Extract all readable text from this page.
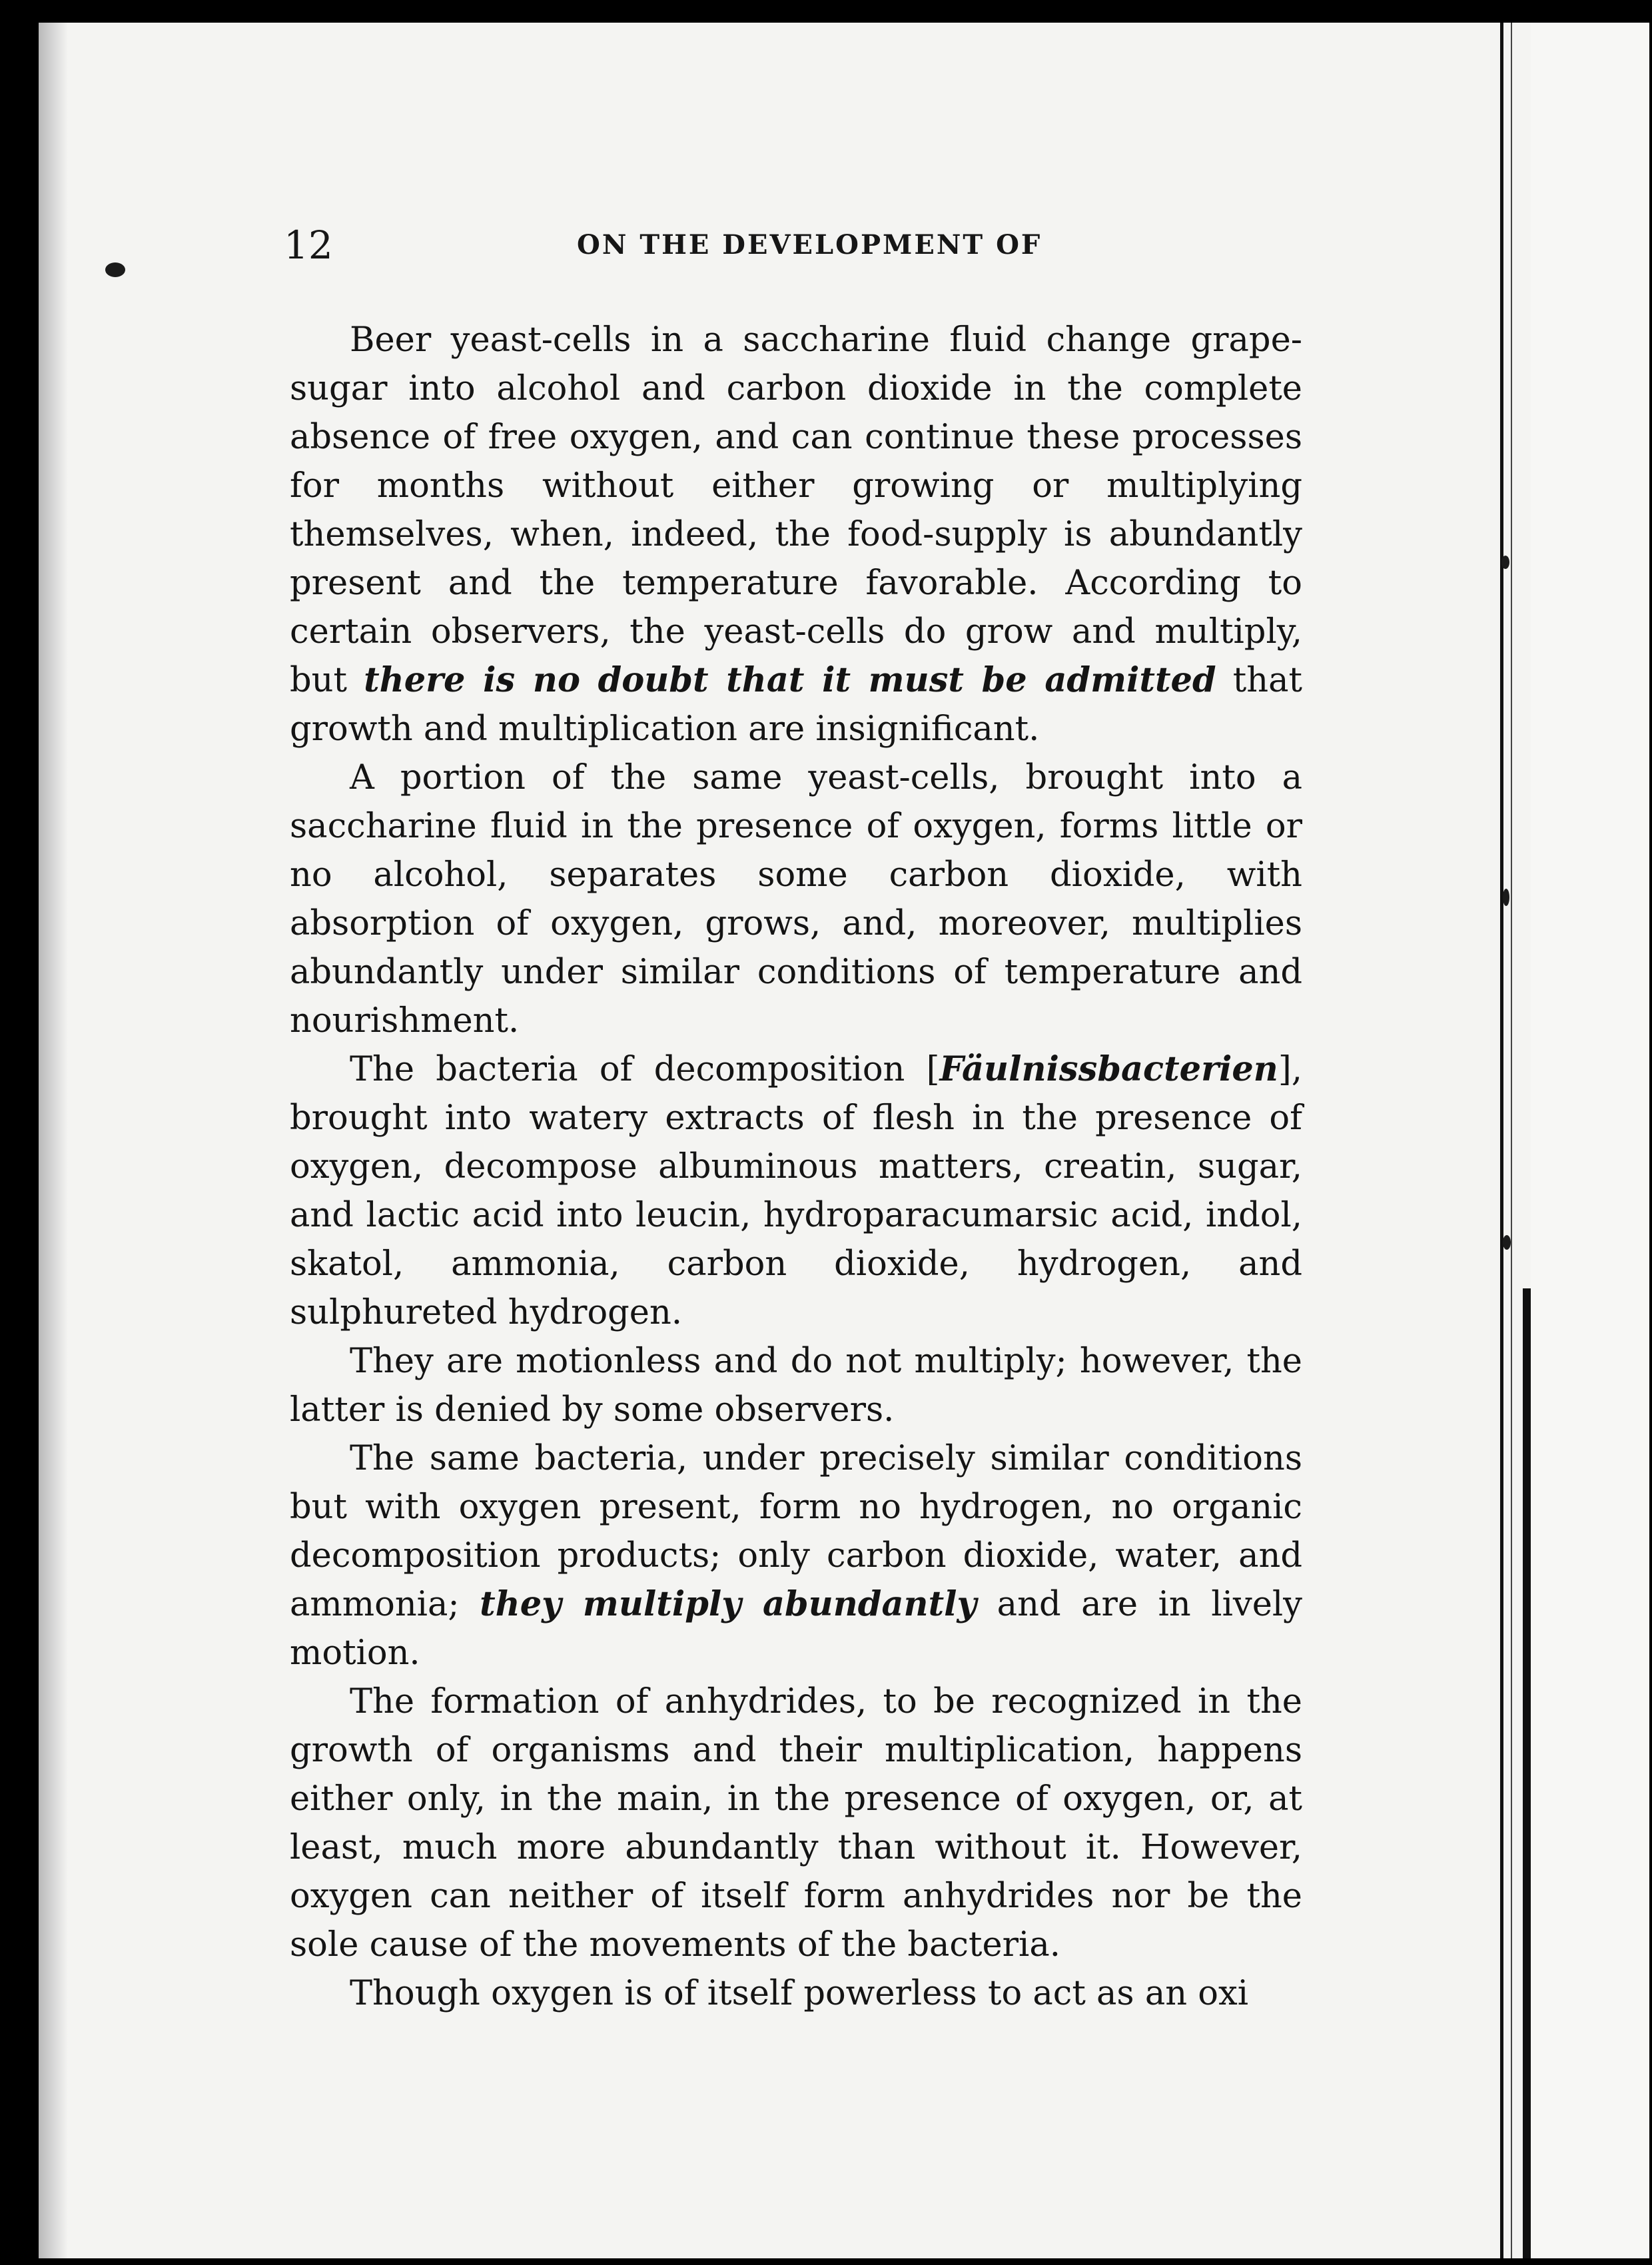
12	ON THE DEVELOPMENT OF

Beer yeast-cells in a saccharine fluid change grape-sugar into alcohol and carbon dioxide in the complete absence of free oxygen, and can continue these processes for months without either growing or multiplying themselves, when, indeed, the food-supply is abundantly present and the temperature favorable. According to certain observers, the yeast-cells do grow and multiply, but there is no doubt that it must be admitted that growth and multiplication are insignificant.

A portion of the same yeast-cells, brought into a saccharine fluid in the presence of oxygen, forms little or no alcohol, separates some carbon dioxide, with absorption of oxygen, grows, and, moreover, multiplies abundantly under similar conditions of temperature and nourishment.

The bacteria of decomposition [Fäulnissbacterien], brought into watery extracts of flesh in the presence of oxygen, decompose albuminous matters, creatin, sugar, and lactic acid into leucin, hydroparacumarsic acid, indol, skatol, ammonia, carbon dioxide, hydrogen, and sulphureted hydrogen.

They are motionless and do not multiply; however, the latter is denied by some observers.

The same bacteria, under precisely similar conditions but with oxygen present, form no hydrogen, no organic decomposition products; only carbon dioxide, water, and ammonia; they multiply abundantly and are in lively motion.

The formation of anhydrides, to be recognized in the growth of organisms and their multiplication, happens either only, in the main, in the presence of oxygen, or, at least, much more abundantly than without it. However, oxygen can neither of itself form anhydrides nor be the sole cause of the movements of the bacteria.

Though oxygen is of itself powerless to act as an oxi
